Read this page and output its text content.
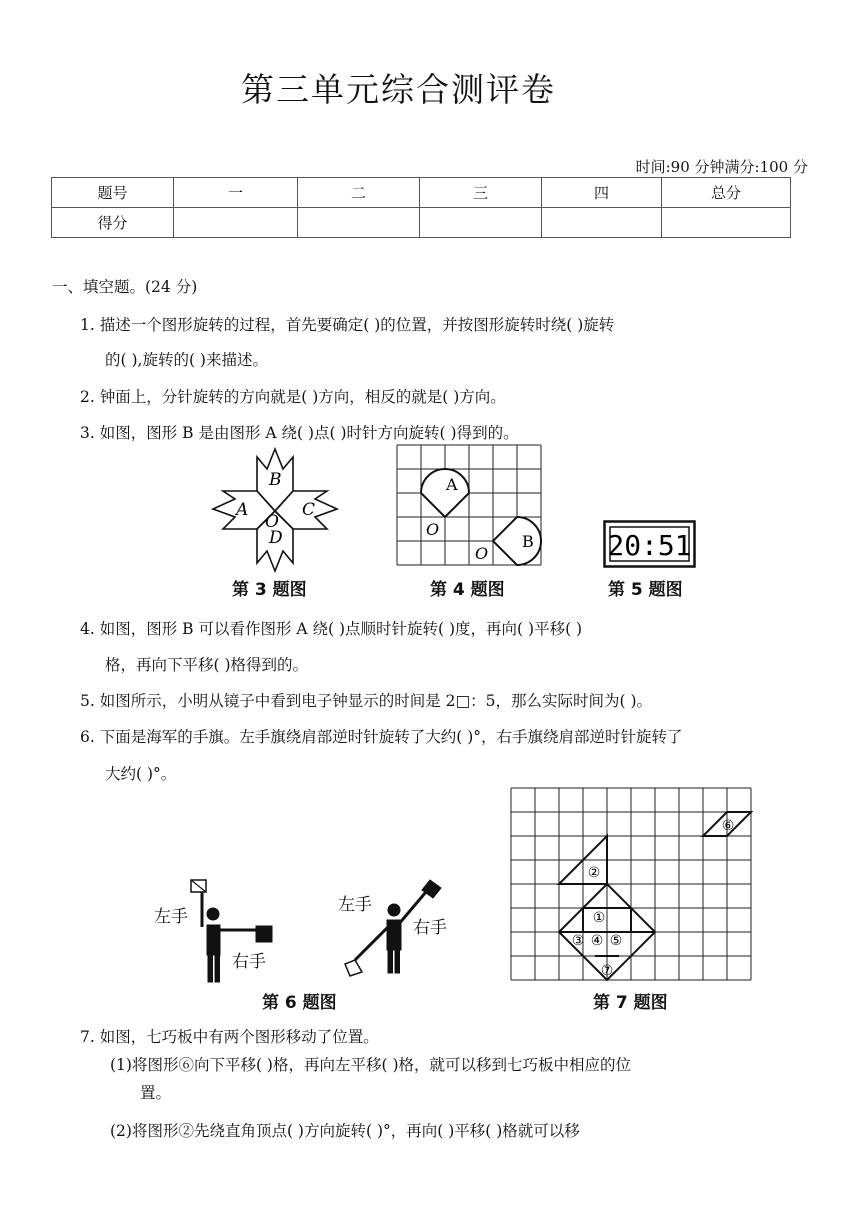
第三单元综合测评卷
时间:90 分钟满分:100 分
题号	一	二	三	四	总分
得分					
一、填空题。(24 分)
1. 描述一个图形旋转的过程，首先要确定( )的位置，并按图形旋转时绕( )旋转
的( ),旋转的( )来描述。
2. 钟面上，分针旋转的方向就是( )方向，相反的就是( )方向。
3. 如图，图形 B 是由图形 A 绕( )点( )时针方向旋转( )得到的。
B
A	C
O
D
第 3 题图
A
B
O
O
第 4 题图
20:51
第 5 题图
4. 如图，图形 B 可以看作图形 A 绕( )点顺时针旋转( )度，再向( )平移( )
格，再向下平移( )格得到的。
5. 如图所示，小明从镜子中看到电子钟显示的时间是 2□：5，那么实际时间为( )。
6. 下面是海军的手旗。左手旗绕肩部逆时针旋转了大约( )°，右手旗绕肩部逆时针旋转了
大约( )°。
左手
右手
左手
右手
第 6 题图
①
②
③ ④ ⑤
⑥
⑦
第 7 题图
7. 如图，七巧板中有两个图形移动了位置。
(1)将图形⑥向下平移( )格，再向左平移( )格，就可以移到七巧板中相应的位
置。
(2)将图形②先绕直角顶点( )方向旋转( )°，再向( )平移( )格就可以移
